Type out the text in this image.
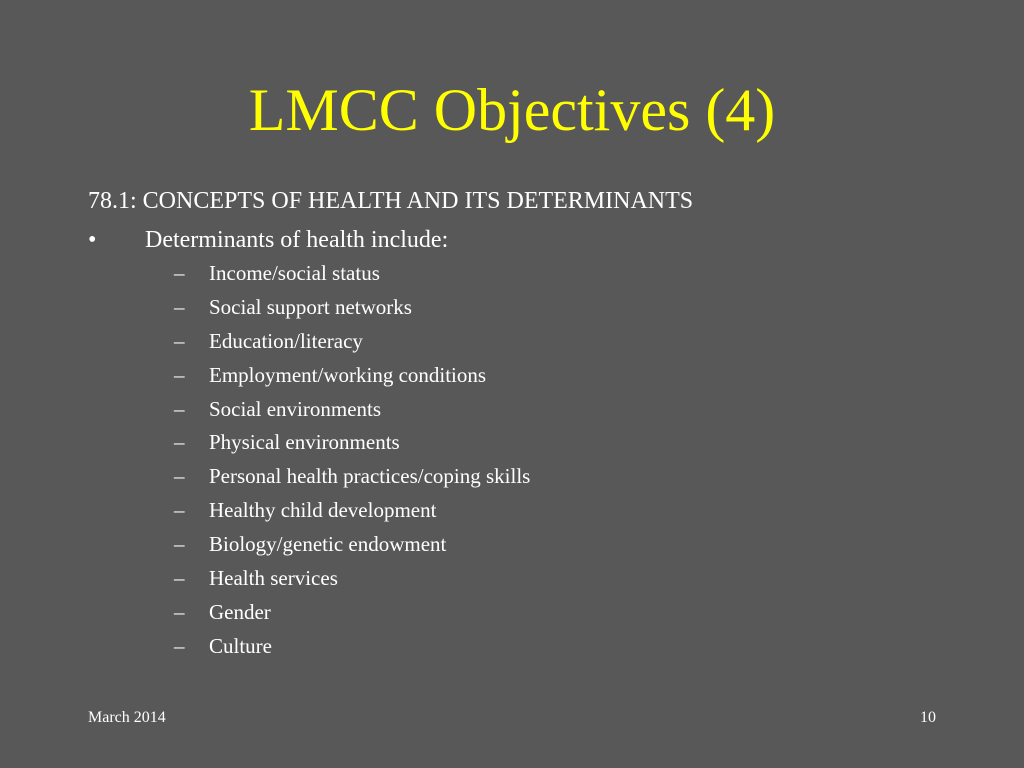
LMCC Objectives (4)
78.1: CONCEPTS OF HEALTH AND ITS DETERMINANTS
• Determinants of health include:
– Income/social status
– Social support networks
– Education/literacy
– Employment/working conditions
– Social environments
– Physical environments
– Personal health practices/coping skills
– Healthy child development
– Biology/genetic endowment
– Health services
– Gender
– Culture
March 2014	10
